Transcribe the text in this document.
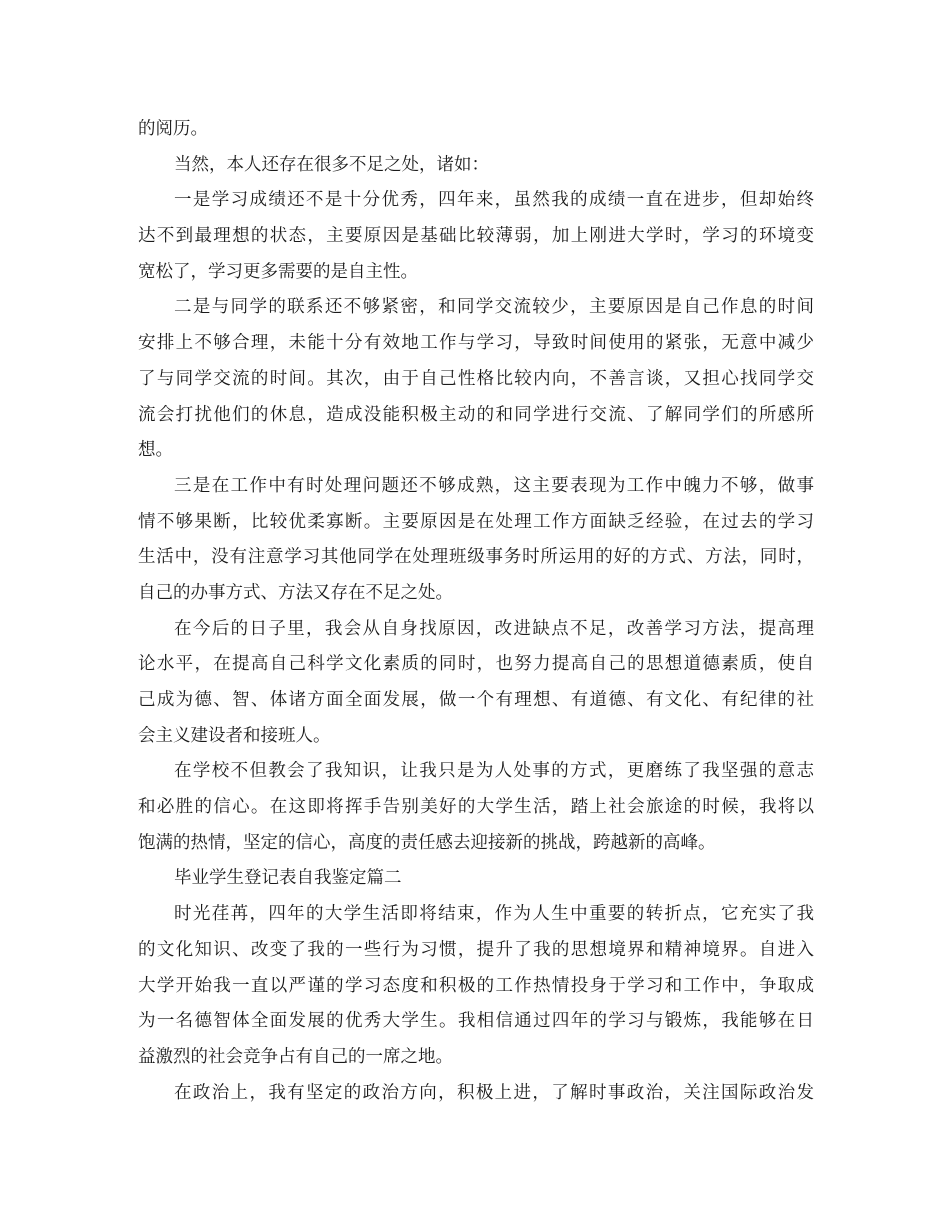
的阅历。
当然，本人还存在很多不足之处，诸如：
一是学习成绩还不是十分优秀，四年来，虽然我的成绩一直在进步，但却始终
达不到最理想的状态，主要原因是基础比较薄弱，加上刚进大学时，学习的环境变
宽松了，学习更多需要的是自主性。
二是与同学的联系还不够紧密，和同学交流较少，主要原因是自己作息的时间
安排上不够合理，未能十分有效地工作与学习，导致时间使用的紧张，无意中减少
了与同学交流的时间。其次，由于自己性格比较内向，不善言谈，又担心找同学交
流会打扰他们的休息，造成没能积极主动的和同学进行交流、了解同学们的所感所
想。
三是在工作中有时处理问题还不够成熟，这主要表现为工作中魄力不够，做事
情不够果断，比较优柔寡断。主要原因是在处理工作方面缺乏经验，在过去的学习
生活中，没有注意学习其他同学在处理班级事务时所运用的好的方式、方法，同时，
自己的办事方式、方法又存在不足之处。
在今后的日子里，我会从自身找原因，改进缺点不足，改善学习方法，提高理
论水平，在提高自己科学文化素质的同时，也努力提高自己的思想道德素质，使自
己成为德、智、体诸方面全面发展，做一个有理想、有道德、有文化、有纪律的社
会主义建设者和接班人。
在学校不但教会了我知识，让我只是为人处事的方式，更磨练了我坚强的意志
和必胜的信心。在这即将挥手告别美好的大学生活，踏上社会旅途的时候，我将以
饱满的热情，坚定的信心，高度的责任感去迎接新的挑战，跨越新的高峰。
毕业学生登记表自我鉴定篇二
时光荏苒，四年的大学生活即将结束，作为人生中重要的转折点，它充实了我
的文化知识、改变了我的一些行为习惯，提升了我的思想境界和精神境界。自进入
大学开始我一直以严谨的学习态度和积极的工作热情投身于学习和工作中，争取成
为一名德智体全面发展的优秀大学生。我相信通过四年的学习与锻炼，我能够在日
益激烈的社会竞争占有自己的一席之地。
在政治上，我有坚定的政治方向，积极上进，了解时事政治，关注国际政治发
